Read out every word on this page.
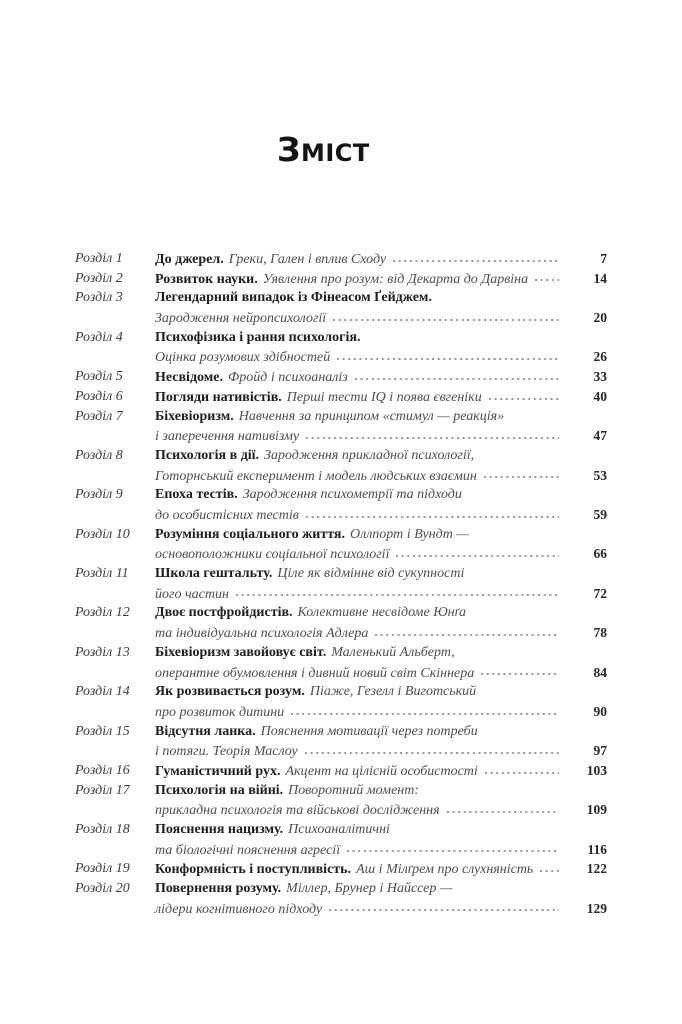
ЗМІСТ
Розділ 1	До джерел. Греки, Гален і вплив Сходу	7
Розділ 2	Розвиток науки. Уявлення про розум: від Декарта до Дарвіна	14
Розділ 3	Легендарний випадок із Фінеасом Ґейджем.
Зародження нейропсихології	20
Розділ 4	Психофізика і рання психологія.
Оцінка розумових здібностей	26
Розділ 5	Несвідоме. Фройд і психоаналіз	33
Розділ 6	Погляди нативістів. Перші тести IQ і поява євгеніки	40
Розділ 7	Біхевіоризм. Навчення за принципом «стимул — реакція»
і заперечення нативізму	47
Розділ 8	Психологія в дії. Зародження прикладної психології,
Готорнський експеримент і модель людських взаємин	53
Розділ 9	Епоха тестів. Зародження психометрії та підходи
до особистісних тестів	59
Розділ 10	Розуміння соціального життя. Оллпорт і Вундт —
основоположники соціальної психології	66
Розділ 11	Школа гештальту. Ціле як відмінне від сукупності
його частин	72
Розділ 12	Двоє постфройдистів. Колективне несвідоме Юнґа
та індивідуальна психологія Адлера	78
Розділ 13	Біхевіоризм завойовує світ. Маленький Альберт,
оперантне обумовлення і дивний новий світ Скіннера	84
Розділ 14	Як розвивається розум. Піаже, Гезелл і Виготський
про розвиток дитини	90
Розділ 15	Відсутня ланка. Пояснення мотивації через потреби
і потяги. Теорія Маслоу	97
Розділ 16	Гуманістичний рух. Акцент на цілісній особистості	103
Розділ 17	Психологія на війні. Поворотний момент:
прикладна психологія та військові дослідження	109
Розділ 18	Пояснення нацизму. Психоаналітичні
та біологічні пояснення агресії	116
Розділ 19	Конформність і поступливість. Аш і Мілґрем про слухняність	122
Розділ 20	Повернення розуму. Міллер, Брунер і Найссер —
лідери когнітивного підходу	129
